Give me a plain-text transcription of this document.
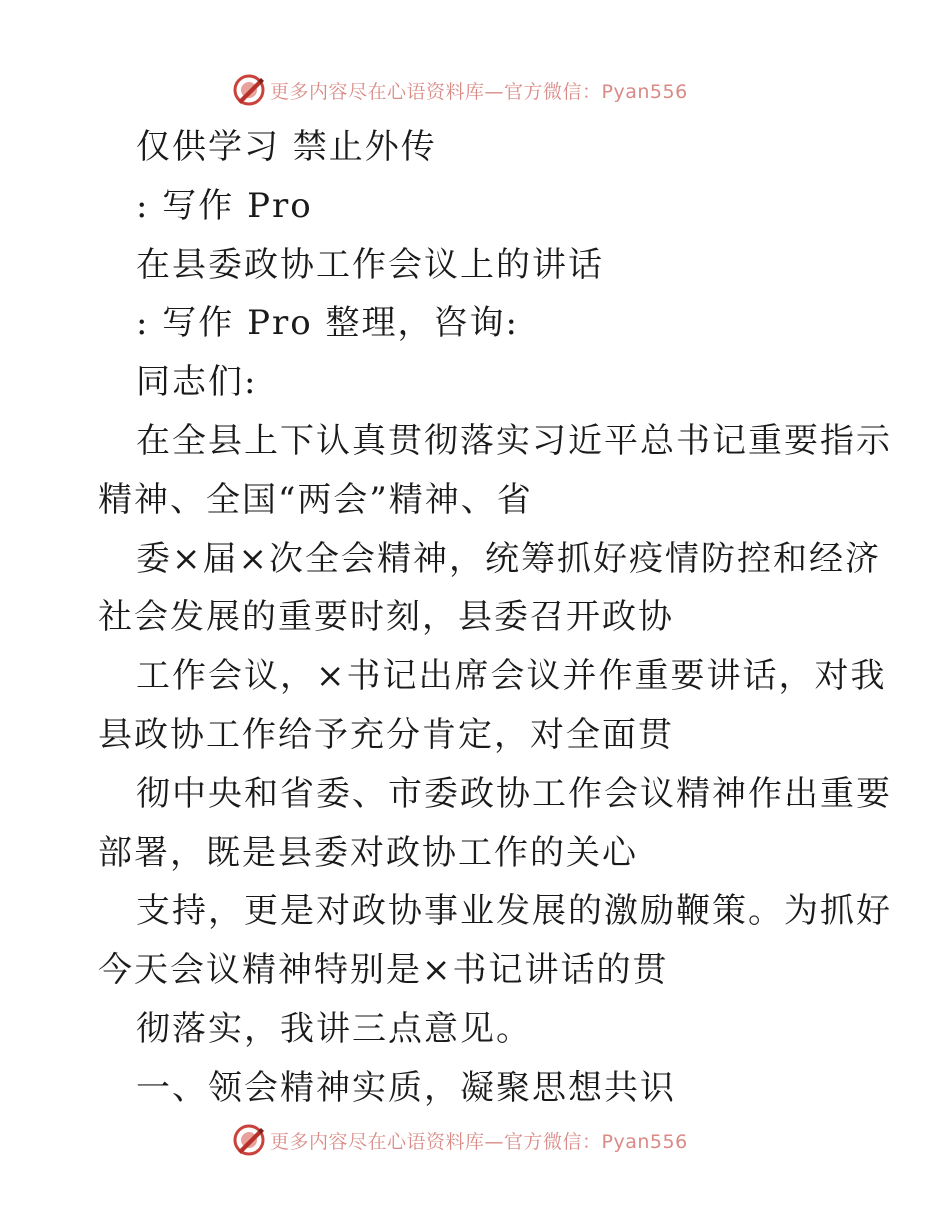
更多内容尽在心语资料库—官方微信：Pyan556
仅供学习 禁止外传
: 写作 Pro
在县委政协工作会议上的讲话
: 写作 Pro 整理，咨询:
同志们:
在全县上下认真贯彻落实习近平总书记重要指示
精神、全国“两会”精神、省
委×届×次全会精神，统筹抓好疫情防控和经济
社会发展的重要时刻，县委召开政协
工作会议，×书记出席会议并作重要讲话，对我
县政协工作给予充分肯定，对全面贯
彻中央和省委、市委政协工作会议精神作出重要
部署，既是县委对政协工作的关心
支持，更是对政协事业发展的激励鞭策。为抓好
今天会议精神特别是×书记讲话的贯
彻落实，我讲三点意见。
一、领会精神实质，凝聚思想共识
更多内容尽在心语资料库—官方微信：Pyan556
